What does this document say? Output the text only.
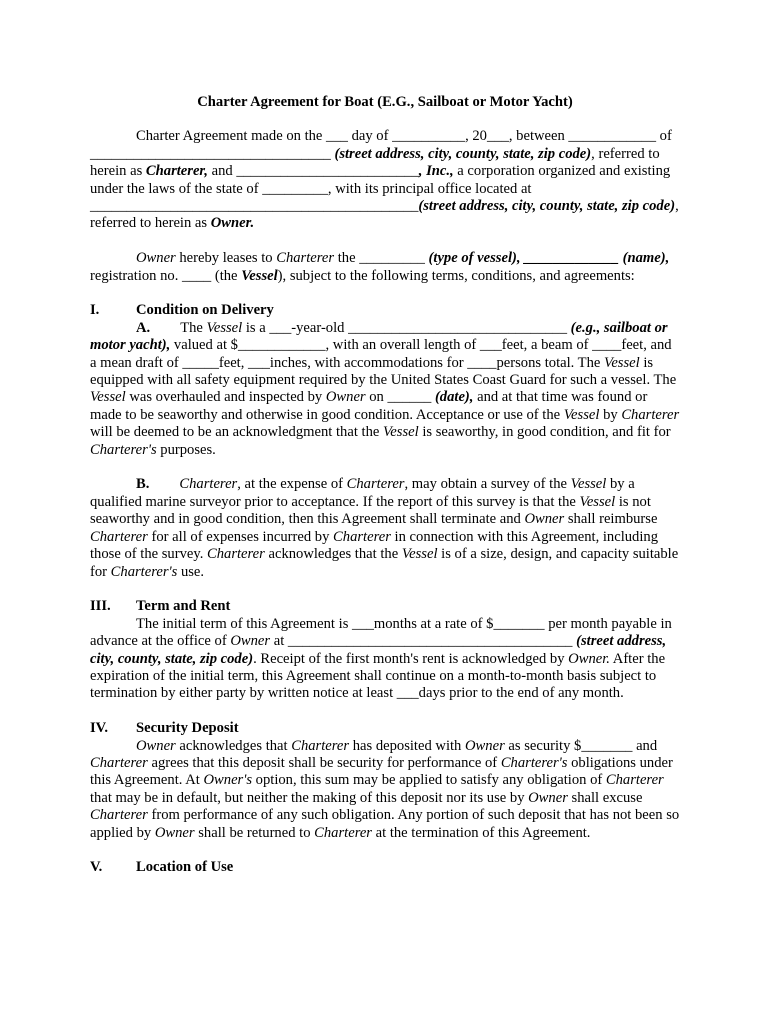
Charter Agreement for Boat (E.G., Sailboat or Motor Yacht)

Charter Agreement made on the ___ day of __________, 20___, between ____________ of _________________________________ (street address, city, county, state, zip code), referred to herein as Charterer, and _________________________, Inc., a corporation organized and existing under the laws of the state of _________, with its principal office located at _____________________________________________(street address, city, county, state, zip code), referred to herein as Owner.

Owner hereby leases to Charterer the _________ (type of vessel), _____________ (name), registration no. ____ (the Vessel), subject to the following terms, conditions, and agreements:

I.	Condition on Delivery

A. The Vessel is a ___-year-old ______________________________ (e.g., sailboat or motor yacht), valued at $____________, with an overall length of ___feet, a beam of ____feet, and a mean draft of _____feet, ___inches, with accommodations for ____persons total. The Vessel is equipped with all safety equipment required by the United States Coast Guard for such a vessel. The Vessel was overhauled and inspected by Owner on ______ (date), and at that time was found or made to be seaworthy and otherwise in good condition. Acceptance or use of the Vessel by Charterer will be deemed to be an acknowledgment that the Vessel is seaworthy, in good condition, and fit for Charterer's purposes.

B. Charterer, at the expense of Charterer, may obtain a survey of the Vessel by a qualified marine surveyor prior to acceptance. If the report of this survey is that the Vessel is not seaworthy and in good condition, then this Agreement shall terminate and Owner shall reimburse Charterer for all of expenses incurred by Charterer in connection with this Agreement, including those of the survey. Charterer acknowledges that the Vessel is of a size, design, and capacity suitable for Charterer's use.

III. Term and Rent

The initial term of this Agreement is ___months at a rate of $_______ per month payable in advance at the office of Owner at _______________________________________ (street address, city, county, state, zip code). Receipt of the first month's rent is acknowledged by Owner. After the expiration of the initial term, this Agreement shall continue on a month-to-month basis subject to termination by either party by written notice at least ___days prior to the end of any month.

IV. Security Deposit

Owner acknowledges that Charterer has deposited with Owner as security $_______ and Charterer agrees that this deposit shall be security for performance of Charterer's obligations under this Agreement. At Owner's option, this sum may be applied to satisfy any obligation of Charterer that may be in default, but neither the making of this deposit nor its use by Owner shall excuse Charterer from performance of any such obligation. Any portion of such deposit that has not been so applied by Owner shall be returned to Charterer at the termination of this Agreement.

V. Location of Use
